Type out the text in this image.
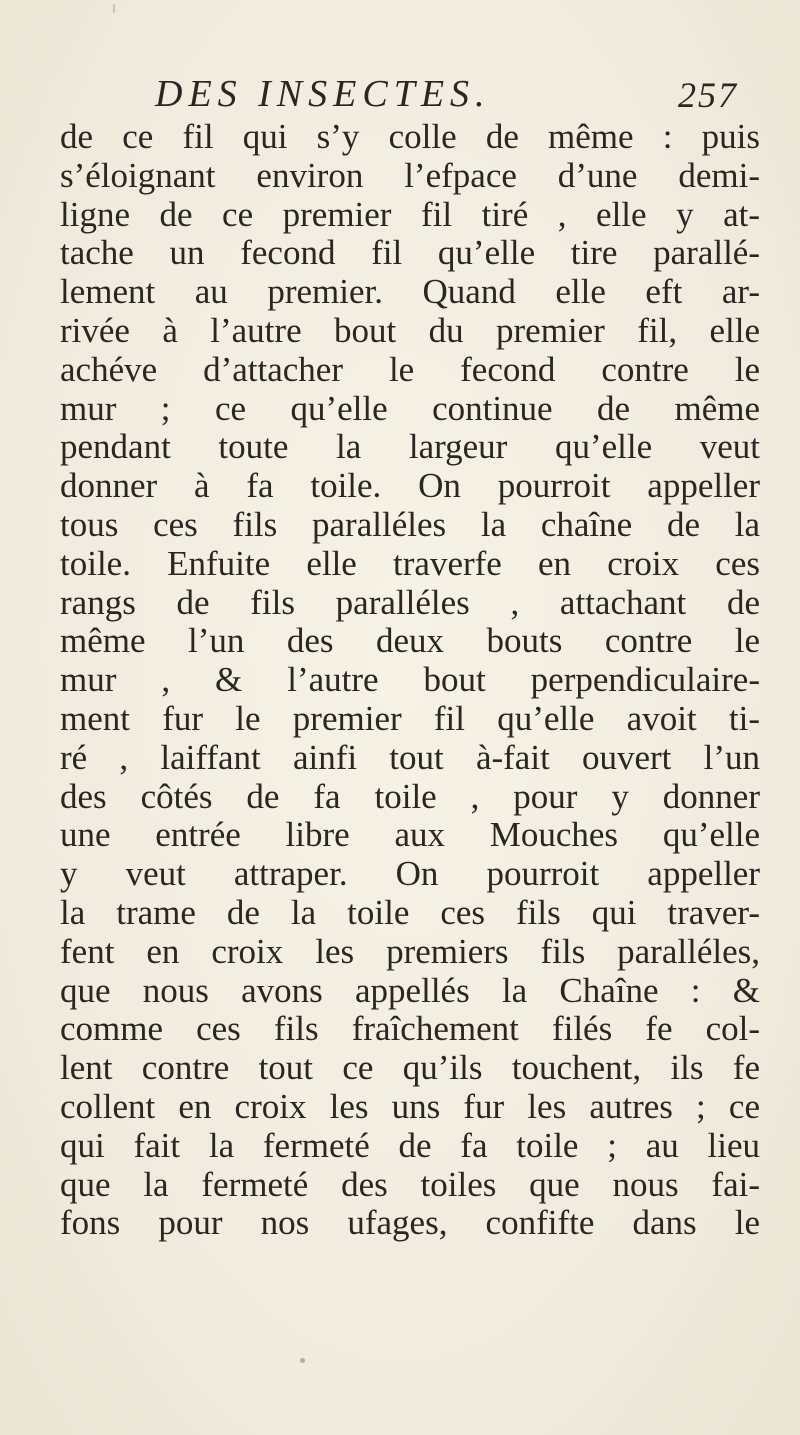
DES INSECTES.	257
de ce fil qui s’y colle de même : puis
s’éloignant environ l’efpace d’une demi-
ligne de ce premier fil tiré , elle y at-
tache un fecond fil qu’elle tire parallé-
lement au premier. Quand elle eft ar-
rivée à l’autre bout du premier fil, elle
achéve d’attacher le fecond contre le
mur ; ce qu’elle continue de même
pendant toute la largeur qu’elle veut
donner à fa toile. On pourroit appeller
tous ces fils paralléles la chaîne de la
toile. Enfuite elle traverfe en croix ces
rangs de fils paralléles , attachant de
même l’un des deux bouts contre le
mur , & l’autre bout perpendiculaire-
ment fur le premier fil qu’elle avoit ti-
ré , laiffant ainfi tout à-fait ouvert l’un
des côtés de fa toile , pour y donner
une entrée libre aux Mouches qu’elle
y veut attraper. On pourroit appeller
la trame de la toile ces fils qui traver-
fent en croix les premiers fils paralléles,
que nous avons appellés la Chaîne : &
comme ces fils fraîchement filés fe col-
lent contre tout ce qu’ils touchent, ils fe
collent en croix les uns fur les autres ; ce
qui fait la fermeté de fa toile ; au lieu
que la fermeté des toiles que nous fai-
fons pour nos ufages, confifte dans le
